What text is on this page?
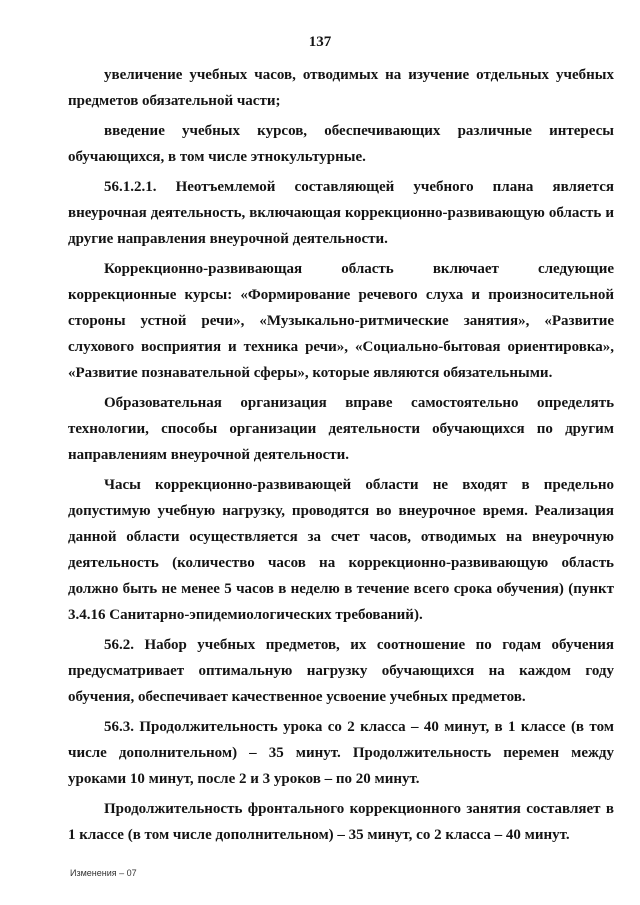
137

увеличение учебных часов, отводимых на изучение отдельных учебных предметов обязательной части;

введение учебных курсов, обеспечивающих различные интересы обучающихся, в том числе этнокультурные.

56.1.2.1. Неотъемлемой составляющей учебного плана является внеурочная деятельность, включающая коррекционно-развивающую область и другие направления внеурочной деятельности.

Коррекционно-развивающая область включает следующие коррекционные курсы: «Формирование речевого слуха и произносительной стороны устной речи», «Музыкально-ритмические занятия», «Развитие слухового восприятия и техника речи», «Социально-бытовая ориентировка», «Развитие познавательной сферы», которые являются обязательными.

Образовательная организация вправе самостоятельно определять технологии, способы организации деятельности обучающихся по другим направлениям внеурочной деятельности.

Часы коррекционно-развивающей области не входят в предельно допустимую учебную нагрузку, проводятся во внеурочное время. Реализация данной области осуществляется за счет часов, отводимых на внеурочную деятельность (количество часов на коррекционно-развивающую область должно быть не менее 5 часов в неделю в течение всего срока обучения) (пункт 3.4.16 Санитарно-эпидемиологических требований).

56.2. Набор учебных предметов, их соотношение по годам обучения предусматривает оптимальную нагрузку обучающихся на каждом году обучения, обеспечивает качественное усвоение учебных предметов.

56.3. Продолжительность урока со 2 класса – 40 минут, в 1 классе (в том числе дополнительном) – 35 минут. Продолжительность перемен между уроками 10 минут, после 2 и 3 уроков – по 20 минут.

Продолжительность фронтального коррекционного занятия составляет в 1 классе (в том числе дополнительном) – 35 минут, со 2 класса – 40 минут.

Изменения – 07
